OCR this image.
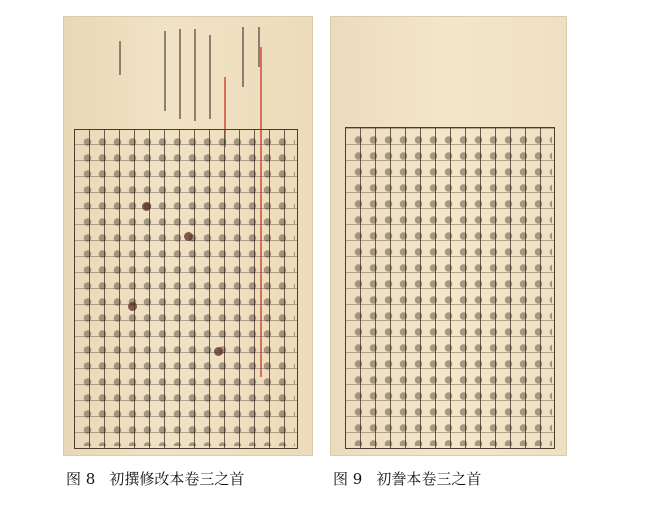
图 8 初撰修改本卷三之首	图 9 初誊本卷三之首
